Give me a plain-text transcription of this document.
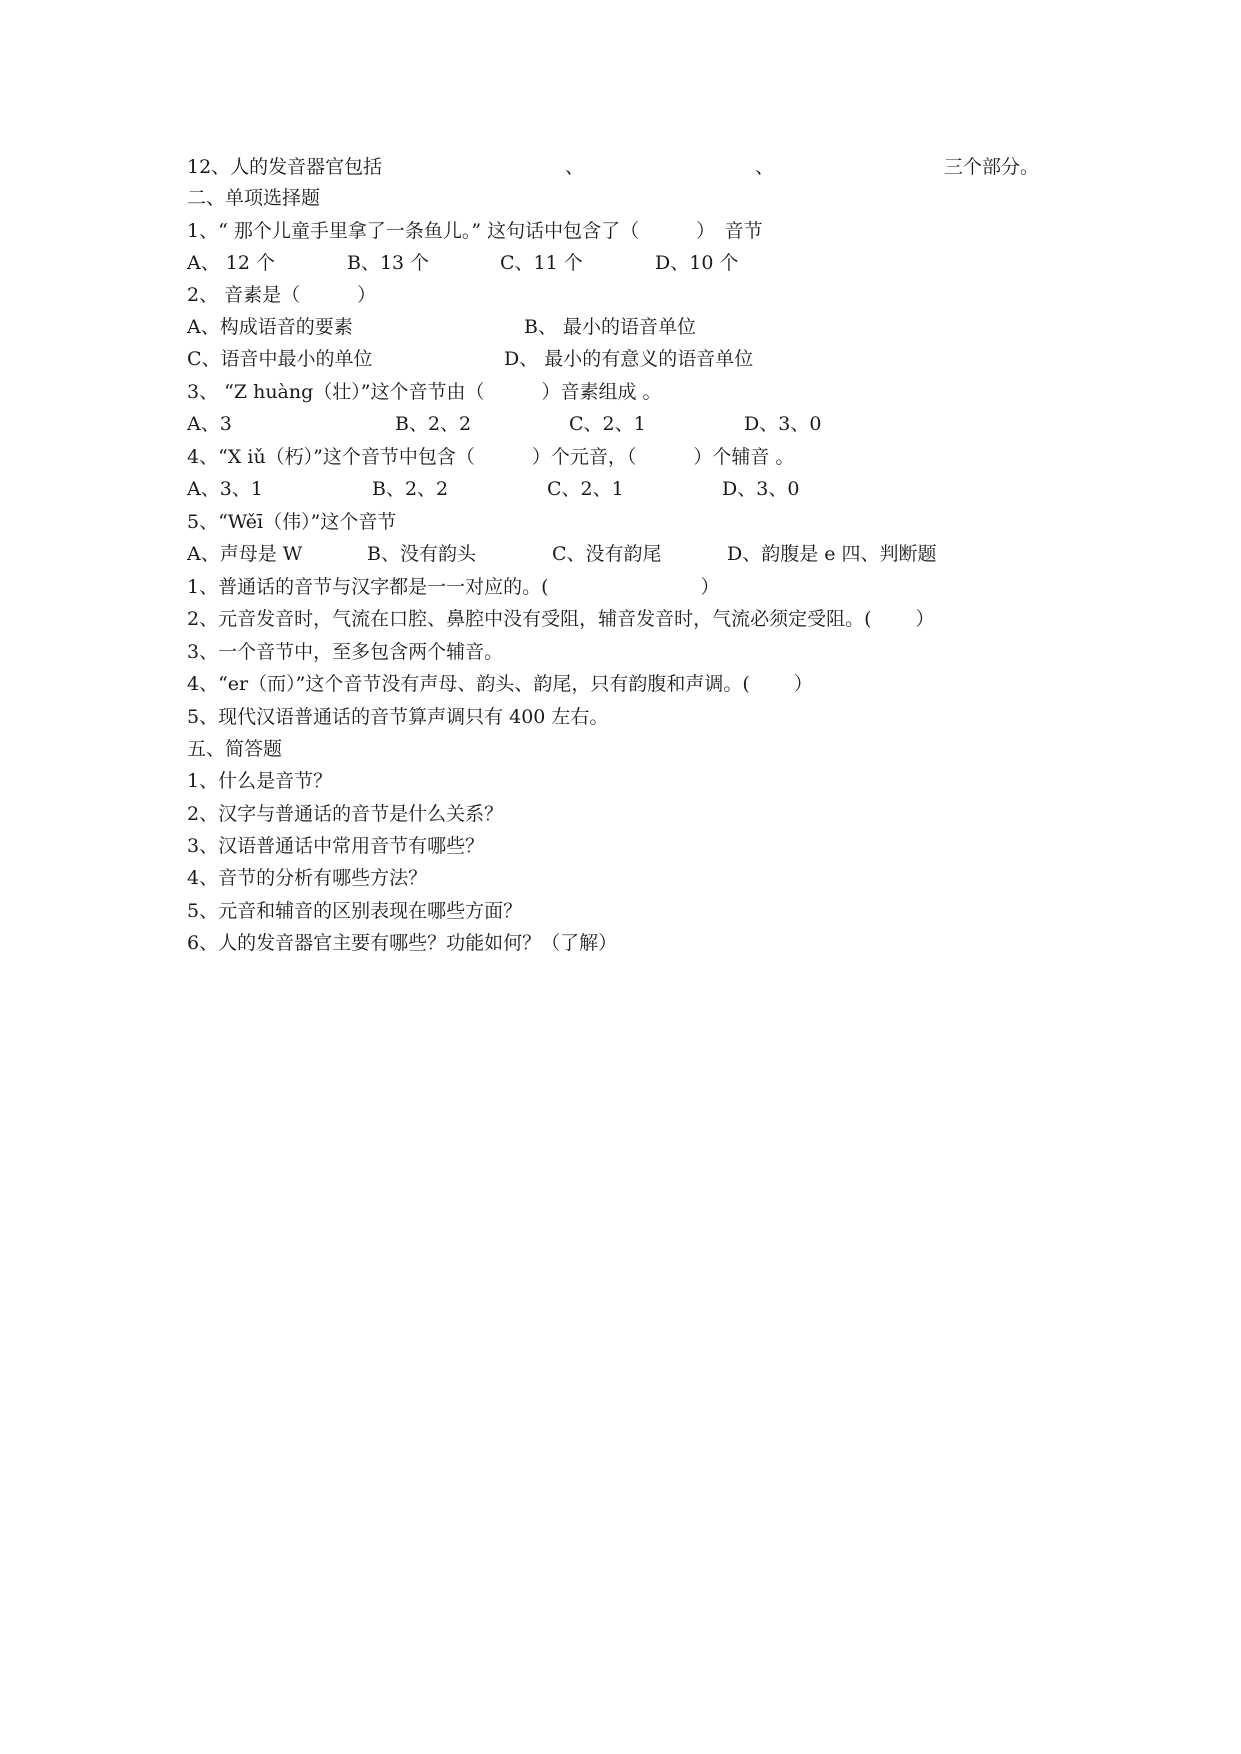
12、人的发音器官包括	、	、	三个部分。
二、单项选择题
1、“ 那个儿童手里拿了一条鱼儿。” 这句话中包含了（　　　）　音节
A、 12 个	B、13 个	C、11 个	D、10 个
2、 音素是（　　　）
A、构成语音的要素	B、 最小的语音单位
C、语音中最小的单位	D、 最小的有意义的语音单位
3、 “Z huàng（壮）”这个音节由（　　　）音素组成 。
A、3	B、2、2	C、2、1	D、3、0
4、“X iǔ（朽）”这个音节中包含（　　　）个元音，（　　　）个辅音 。
A、3、1	B、2、2	C、2、1	D、3、0
5、“Wěī（伟）”这个音节
A、声母是 W	B、没有韵头	C、没有韵尾	D、韵腹是 e 四、判断题
1、普通话的音节与汉字都是一一对应的。(　　　　　　　　）
2、元音发音时，气流在口腔、鼻腔中没有受阻，辅音发音时，气流必须定受阻。(　　 ）
3、一个音节中，至多包含两个辅音。
4、“er（而）”这个音节没有声母、韵头、韵尾，只有韵腹和声调。(　　 ）
5、现代汉语普通话的音节算声调只有 400 左右。
五、简答题
1、什么是音节？
2、汉字与普通话的音节是什么关系？
3、汉语普通话中常用音节有哪些？
4、音节的分析有哪些方法？
5、元音和辅音的区别表现在哪些方面？
6、人的发音器官主要有哪些？功能如何？（了解）
